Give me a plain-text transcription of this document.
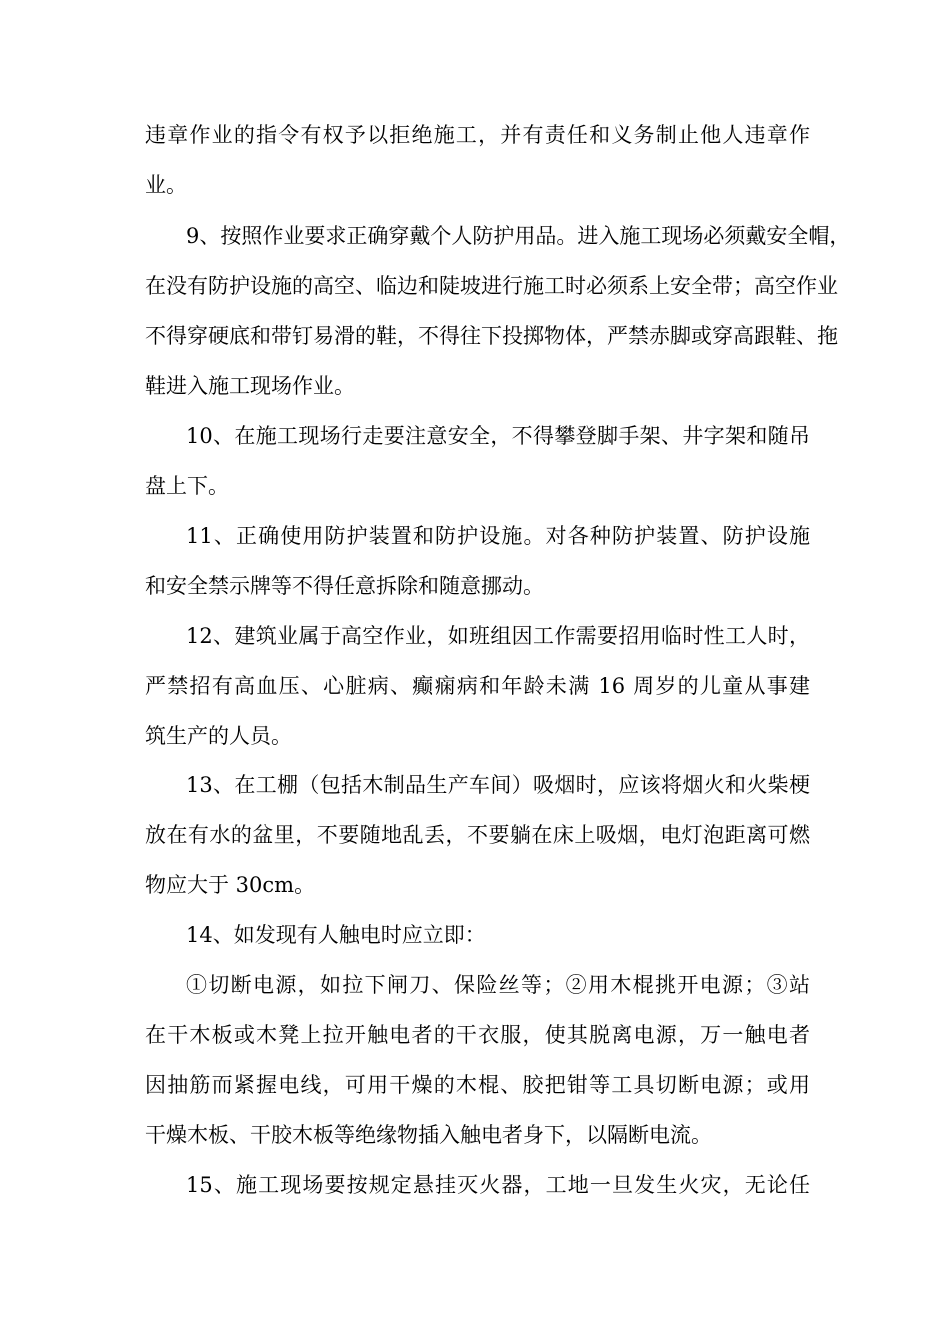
违章作业的指令有权予以拒绝施工，并有责任和义务制止他人违章作
业。
9、按照作业要求正确穿戴个人防护用品。进入施工现场必须戴安全帽，
在没有防护设施的高空、临边和陡坡进行施工时必须系上安全带；高空作业
不得穿硬底和带钉易滑的鞋，不得往下投掷物体，严禁赤脚或穿高跟鞋、拖
鞋进入施工现场作业。
10、在施工现场行走要注意安全，不得攀登脚手架、井字架和随吊
盘上下。
11、正确使用防护装置和防护设施。对各种防护装置、防护设施
和安全禁示牌等不得任意拆除和随意挪动。
12、建筑业属于高空作业，如班组因工作需要招用临时性工人时，
严禁招有高血压、心脏病、癫痫病和年龄未满 16 周岁的儿童从事建
筑生产的人员。
13、在工棚（包括木制品生产车间）吸烟时，应该将烟火和火柴梗
放在有水的盆里，不要随地乱丢，不要躺在床上吸烟，电灯泡距离可燃
物应大于 30cm。
14、如发现有人触电时应立即：
①切断电源，如拉下闸刀、保险丝等；②用木棍挑开电源；③站
在干木板或木凳上拉开触电者的干衣服，使其脱离电源，万一触电者
因抽筋而紧握电线，可用干燥的木棍、胶把钳等工具切断电源；或用
干燥木板、干胶木板等绝缘物插入触电者身下，以隔断电流。
15、施工现场要按规定悬挂灭火器，工地一旦发生火灾，无论任
